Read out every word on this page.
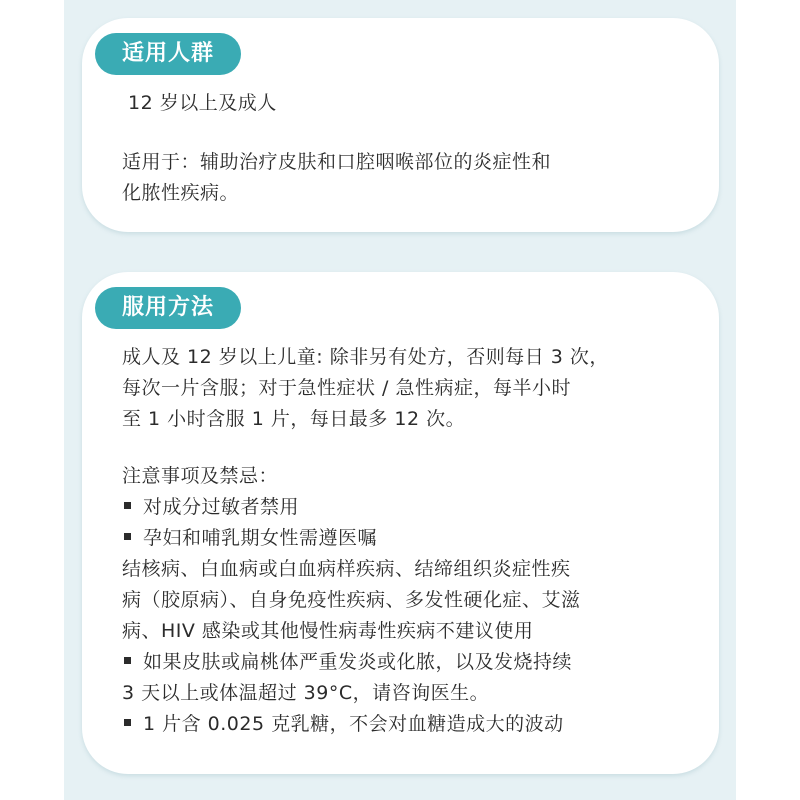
适用人群
12 岁以上及成人
适用于：辅助治疗皮肤和口腔咽喉部位的炎症性和
化脓性疾病。
服用方法
成人及 12 岁以上儿童: 除非另有处方，否则每日 3 次，
每次一片含服；对于急性症状 / 急性病症，每半小时
至 1 小时含服 1 片，每日最多 12 次。
注意事项及禁忌：
对成分过敏者禁用
孕妇和哺乳期女性需遵医嘱
结核病、白血病或白血病样疾病、结缔组织炎症性疾
病（胶原病）、自身免疫性疾病、多发性硬化症、艾滋
病、HIV 感染或其他慢性病毒性疾病不建议使用
如果皮肤或扁桃体严重发炎或化脓，以及发烧持续
3 天以上或体温超过 39°C，请咨询医生。
1 片含 0.025 克乳糖，不会对血糖造成大的波动
